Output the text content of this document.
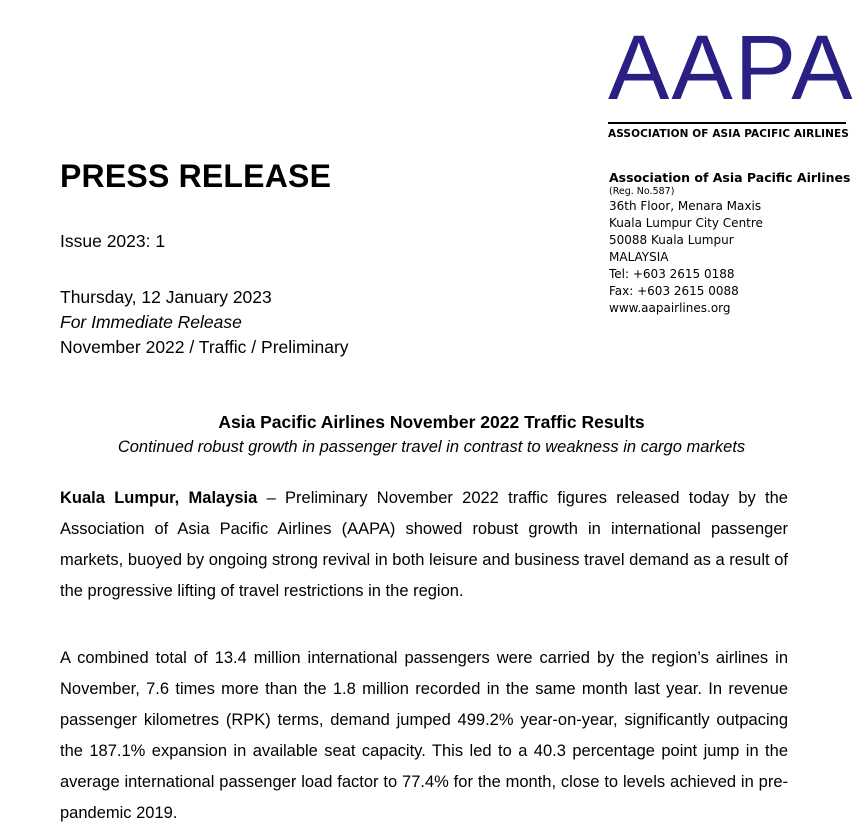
AAPA
ASSOCIATION OF ASIA PACIFIC AIRLINES
Association of Asia Pacific Airlines
(Reg. No.587)
36th Floor, Menara Maxis
Kuala Lumpur City Centre
50088 Kuala Lumpur
MALAYSIA
Tel: +603 2615 0188
Fax: +603 2615 0088
www.aapairlines.org
PRESS RELEASE
Issue 2023: 1
Thursday, 12 January 2023
For Immediate Release
November 2022 / Traffic / Preliminary
Asia Pacific Airlines November 2022 Traffic Results
Continued robust growth in passenger travel in contrast to weakness in cargo markets

Kuala Lumpur, Malaysia – Preliminary November 2022 traffic figures released today by the Association of Asia Pacific Airlines (AAPA) showed robust growth in international passenger markets, buoyed by ongoing strong revival in both leisure and business travel demand as a result of the progressive lifting of travel restrictions in the region.

A combined total of 13.4 million international passengers were carried by the region’s airlines in November, 7.6 times more than the 1.8 million recorded in the same month last year. In revenue passenger kilometres (RPK) terms, demand jumped 499.2% year-on-year, significantly outpacing the 187.1% expansion in available seat capacity. This led to a 40.3 percentage point jump in the average international passenger load factor to 77.4% for the month, close to levels achieved in pre-pandemic 2019.
